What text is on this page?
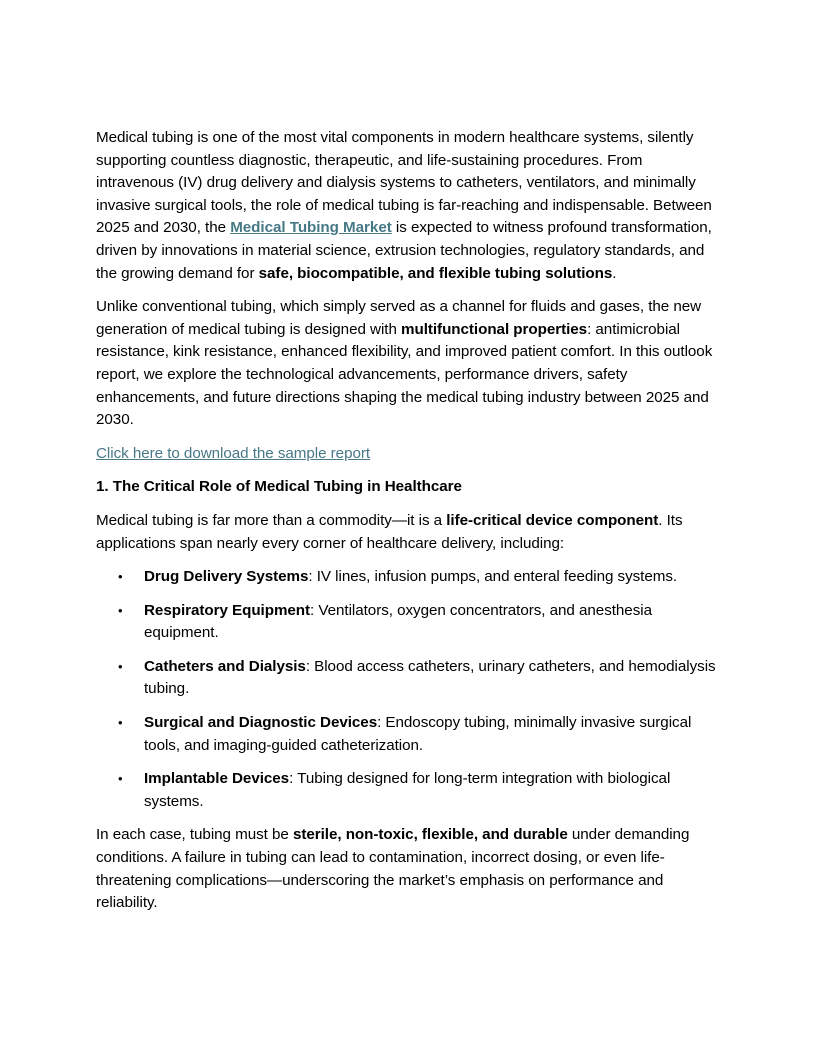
Medical tubing is one of the most vital components in modern healthcare systems, silently supporting countless diagnostic, therapeutic, and life-sustaining procedures. From intravenous (IV) drug delivery and dialysis systems to catheters, ventilators, and minimally invasive surgical tools, the role of medical tubing is far-reaching and indispensable. Between 2025 and 2030, the Medical Tubing Market is expected to witness profound transformation, driven by innovations in material science, extrusion technologies, regulatory standards, and the growing demand for safe, biocompatible, and flexible tubing solutions.

Unlike conventional tubing, which simply served as a channel for fluids and gases, the new generation of medical tubing is designed with multifunctional properties: antimicrobial resistance, kink resistance, enhanced flexibility, and improved patient comfort. In this outlook report, we explore the technological advancements, performance drivers, safety enhancements, and future directions shaping the medical tubing industry between 2025 and 2030.

Click here to download the sample report

1. The Critical Role of Medical Tubing in Healthcare

Medical tubing is far more than a commodity—it is a life-critical device component. Its applications span nearly every corner of healthcare delivery, including:

• Drug Delivery Systems: IV lines, infusion pumps, and enteral feeding systems.
• Respiratory Equipment: Ventilators, oxygen concentrators, and anesthesia equipment.
• Catheters and Dialysis: Blood access catheters, urinary catheters, and hemodialysis tubing.
• Surgical and Diagnostic Devices: Endoscopy tubing, minimally invasive surgical tools, and imaging-guided catheterization.
• Implantable Devices: Tubing designed for long-term integration with biological systems.

In each case, tubing must be sterile, non-toxic, flexible, and durable under demanding conditions. A failure in tubing can lead to contamination, incorrect dosing, or even life-threatening complications—underscoring the market’s emphasis on performance and reliability.
